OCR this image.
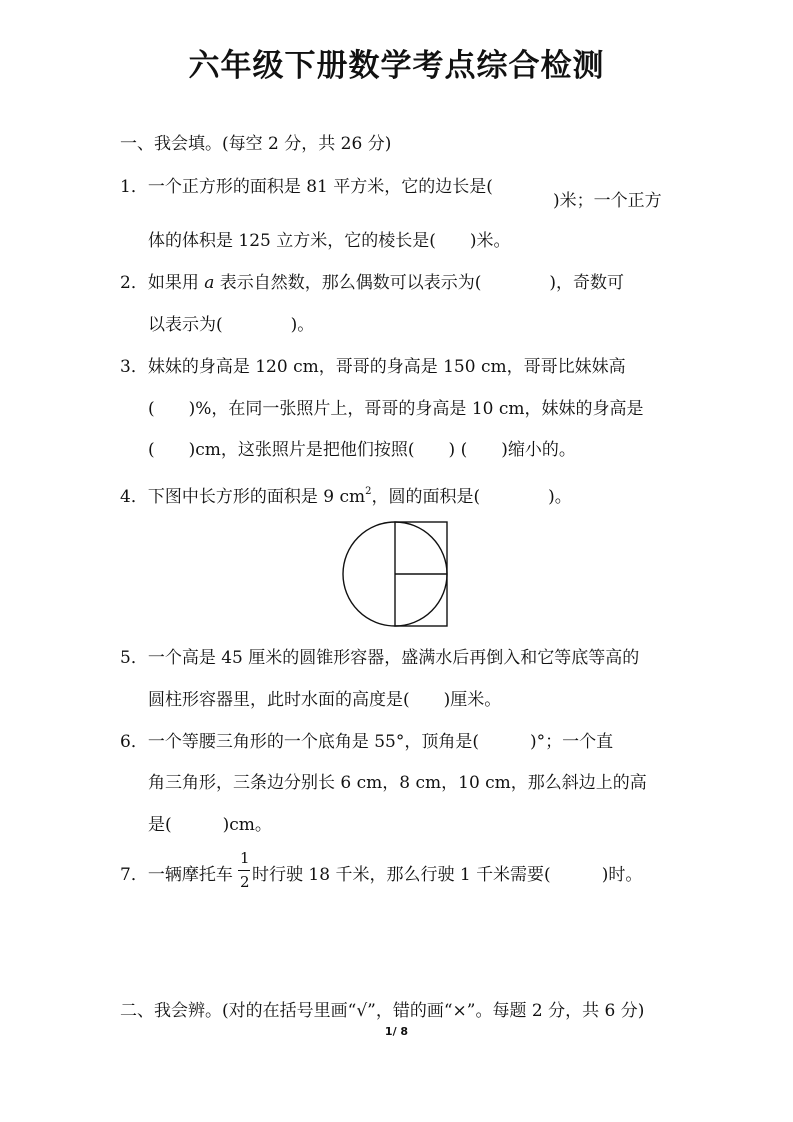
六年级下册数学考点综合检测
一、我会填。(每空 2 分，共 26 分)
1．一个正方形的面积是 81 平方米，它的边长是(
)米；一个正方
体的体积是 125 立方米，它的棱长是(　　)米。
2．如果用 a 表示自然数，那么偶数可以表示为(　　　　)，奇数可
以表示为(　　　　)。
3．妹妹的身高是 120 cm，哥哥的身高是 150 cm，哥哥比妹妹高
(　　)%，在同一张照片上，哥哥的身高是 10 cm，妹妹的身高是
(　　)cm，这张照片是把他们按照(　　) (　　)缩小的。
4．下图中长方形的面积是 9 $cm^2$，圆的面积是(　　　　)。
5．一个高是 45 厘米的圆锥形容器，盛满水后再倒入和它等底等高的
圆柱形容器里，此时水面的高度是(　　)厘米。
6．一个等腰三角形的一个底角是 55°，顶角是(　　　)°；一个直
角三角形，三条边分别长 6 cm，8 cm，10 cm，那么斜边上的高
是(　　　)cm。
7．一辆摩托车
1
2 时行驶 18 千米，那么行驶 1 千米需要(　　　)时。
二、我会辨。(对的在括号里画“√”，错的画“×”。每题 2 分，共 6 分)
1/ 8
